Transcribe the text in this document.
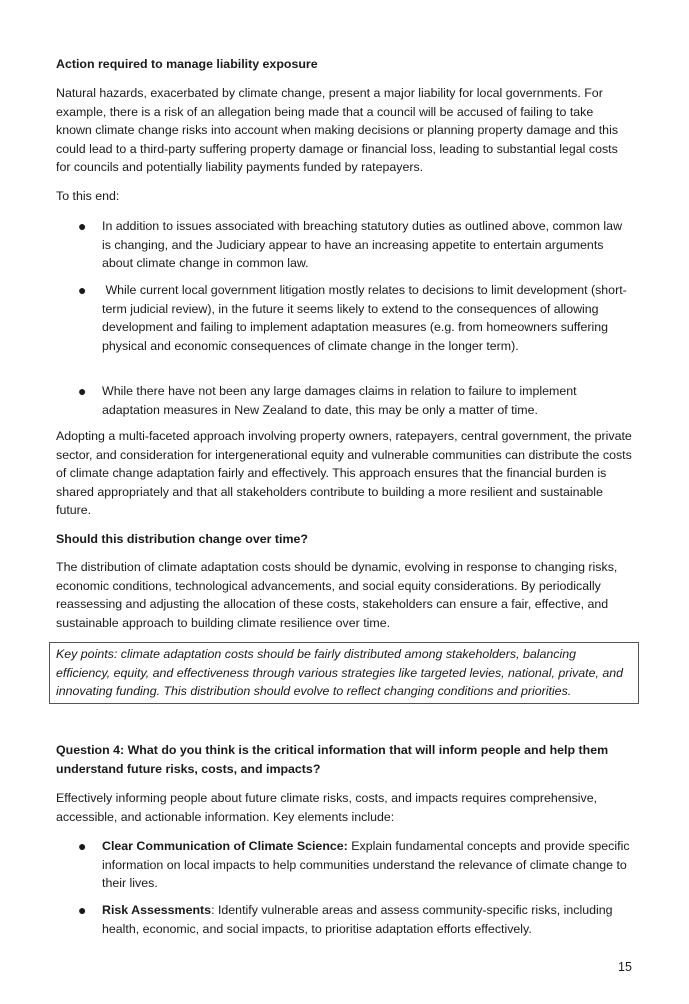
Action required to manage liability exposure

Natural hazards, exacerbated by climate change, present a major liability for local governments. For example, there is a risk of an allegation being made that a council will be accused of failing to take known climate change risks into account when making decisions or planning property damage and this could lead to a third-party suffering property damage or financial loss, leading to substantial legal costs for councils and potentially liability payments funded by ratepayers.

To this end:

● In addition to issues associated with breaching statutory duties as outlined above, common law is changing, and the Judiciary appear to have an increasing appetite to entertain arguments about climate change in common law.
● While current local government litigation mostly relates to decisions to limit development (short-term judicial review), in the future it seems likely to extend to the consequences of allowing development and failing to implement adaptation measures (e.g. from homeowners suffering physical and economic consequences of climate change in the longer term).
● While there have not been any large damages claims in relation to failure to implement adaptation measures in New Zealand to date, this may be only a matter of time.

Adopting a multi-faceted approach involving property owners, ratepayers, central government, the private sector, and consideration for intergenerational equity and vulnerable communities can distribute the costs of climate change adaptation fairly and effectively. This approach ensures that the financial burden is shared appropriately and that all stakeholders contribute to building a more resilient and sustainable future.

Should this distribution change over time?

The distribution of climate adaptation costs should be dynamic, evolving in response to changing risks, economic conditions, technological advancements, and social equity considerations. By periodically reassessing and adjusting the allocation of these costs, stakeholders can ensure a fair, effective, and sustainable approach to building climate resilience over time.

Key points: climate adaptation costs should be fairly distributed among stakeholders, balancing efficiency, equity, and effectiveness through various strategies like targeted levies, national, private, and innovating funding. This distribution should evolve to reflect changing conditions and priorities.
Question 4: What do you think is the critical information that will inform people and help them understand future risks, costs, and impacts?

Effectively informing people about future climate risks, costs, and impacts requires comprehensive, accessible, and actionable information. Key elements include:

● Clear Communication of Climate Science: Explain fundamental concepts and provide specific information on local impacts to help communities understand the relevance of climate change to their lives.
● Risk Assessments: Identify vulnerable areas and assess community-specific risks, including health, economic, and social impacts, to prioritise adaptation efforts effectively.
15
